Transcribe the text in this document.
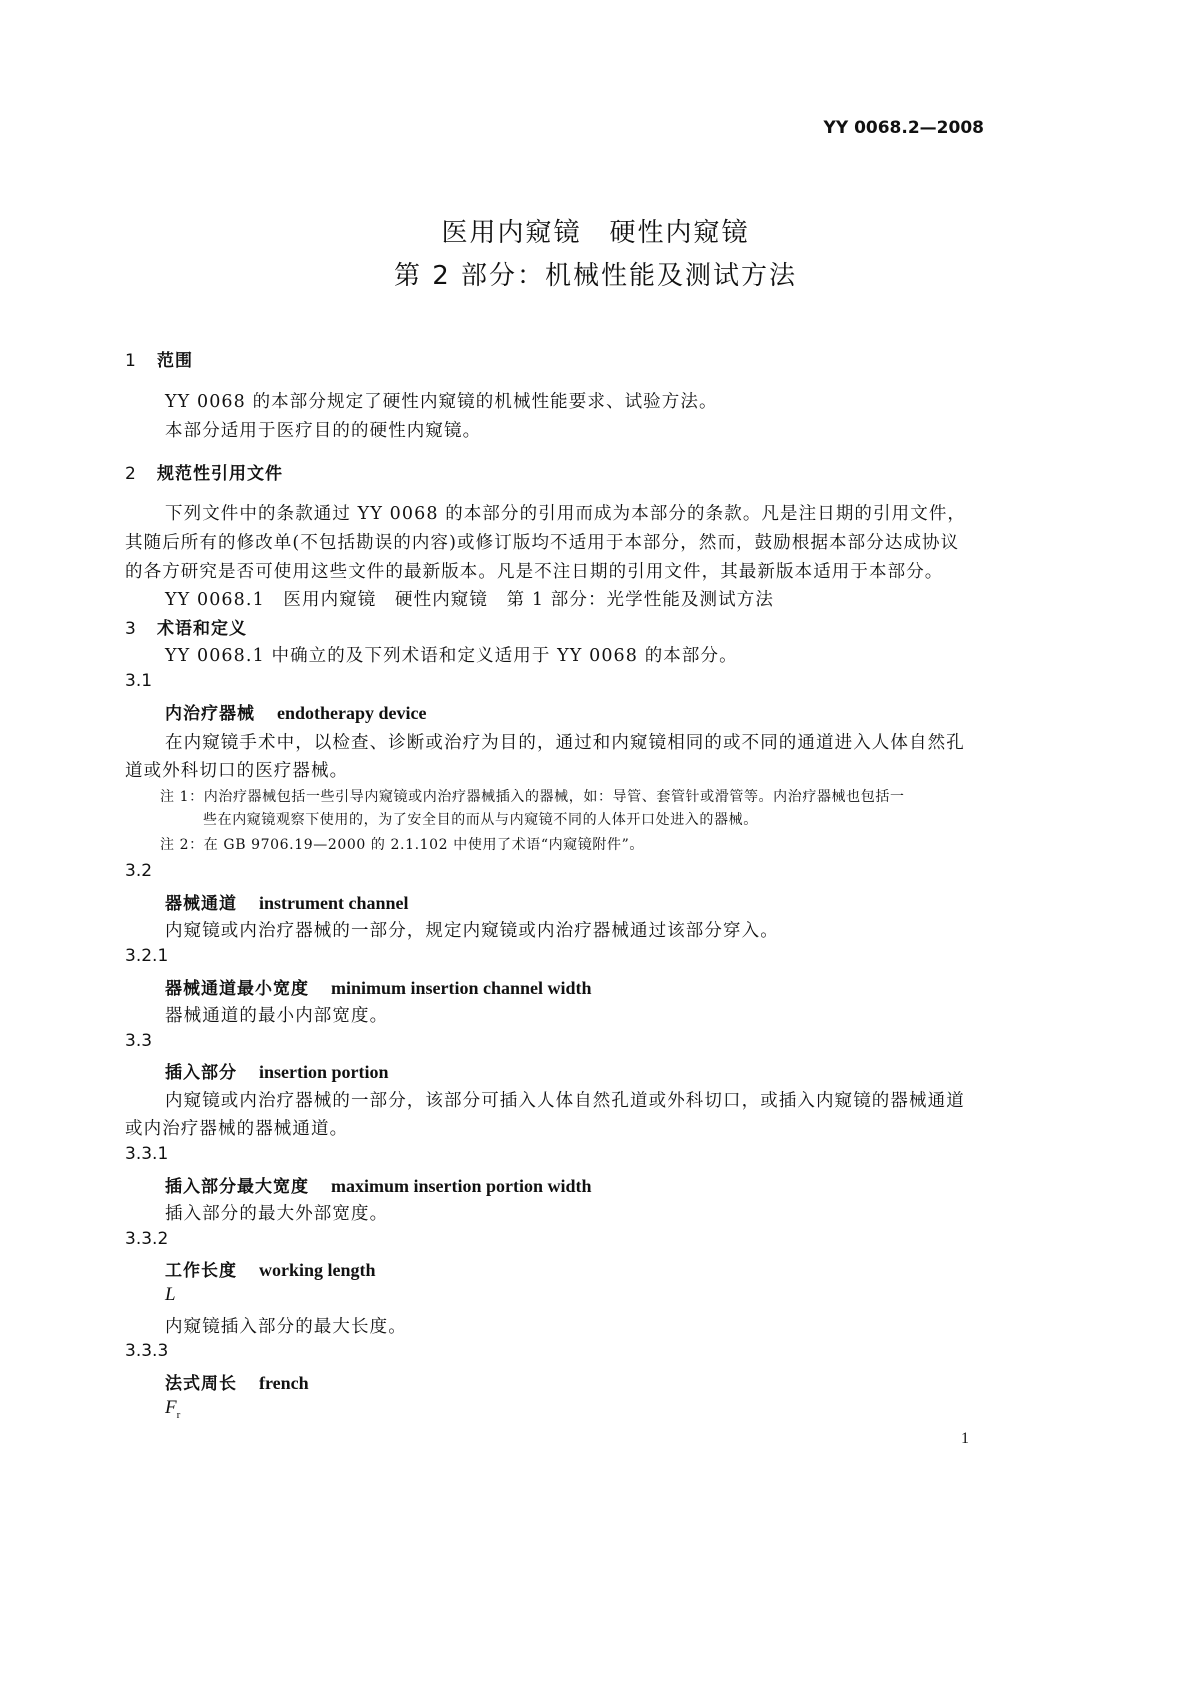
YY 0068.2—2008
医用内窥镜　硬性内窥镜
第 2 部分：机械性能及测试方法
1 范围
YY 0068 的本部分规定了硬性内窥镜的机械性能要求、试验方法。
本部分适用于医疗目的的硬性内窥镜。
2 规范性引用文件
下列文件中的条款通过 YY 0068 的本部分的引用而成为本部分的条款。凡是注日期的引用文件，
其随后所有的修改单(不包括勘误的内容)或修订版均不适用于本部分，然而，鼓励根据本部分达成协议
的各方研究是否可使用这些文件的最新版本。凡是不注日期的引用文件，其最新版本适用于本部分。
YY 0068.1　医用内窥镜　硬性内窥镜　第 1 部分：光学性能及测试方法
3 术语和定义
YY 0068.1 中确立的及下列术语和定义适用于 YY 0068 的本部分。
3.1
内治疗器械 endotherapy device
在内窥镜手术中，以检查、诊断或治疗为目的，通过和内窥镜相同的或不同的通道进入人体自然孔
道或外科切口的医疗器械。
注 1：内治疗器械包括一些引导内窥镜或内治疗器械插入的器械，如：导管、套管针或滑管等。内治疗器械也包括一
些在内窥镜观察下使用的，为了安全目的而从与内窥镜不同的人体开口处进入的器械。
注 2：在 GB 9706.19—2000 的 2.1.102 中使用了术语“内窥镜附件”。
3.2
器械通道 instrument channel
内窥镜或内治疗器械的一部分，规定内窥镜或内治疗器械通过该部分穿入。
3.2.1
器械通道最小宽度 minimum insertion channel width
器械通道的最小内部宽度。
3.3
插入部分 insertion portion
内窥镜或内治疗器械的一部分，该部分可插入人体自然孔道或外科切口，或插入内窥镜的器械通道
或内治疗器械的器械通道。
3.3.1
插入部分最大宽度 maximum insertion portion width
插入部分的最大外部宽度。
3.3.2
工作长度 working length
L
内窥镜插入部分的最大长度。
3.3.3
法式周长 french
$F_r$
1
